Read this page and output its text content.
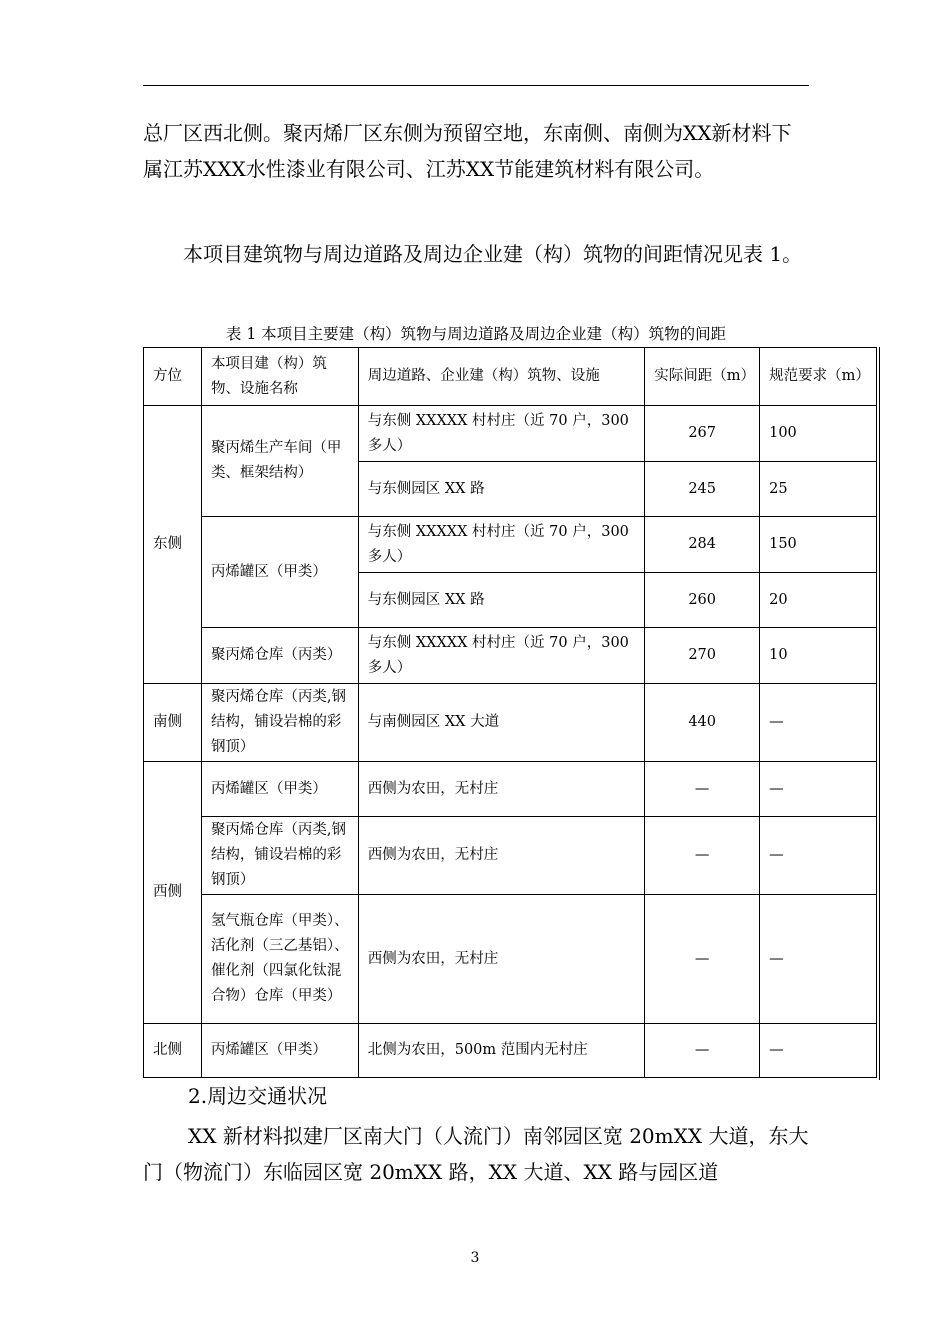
总厂区西北侧。聚丙烯厂区东侧为预留空地，东南侧、南侧为XX新材料下属江苏XXX水性漆业有限公司、江苏XX节能建筑材料有限公司。

本项目建筑物与周边道路及周边企业建（构）筑物的间距情况见表 1。

表 1 本项目主要建（构）筑物与周边道路及周边企业建（构）筑物的间距
方位	本项目建（构）筑物、设施名称	周边道路、企业建（构）筑物、设施	实际间距（m）	规范要求（m）
东侧	聚丙烯生产车间（甲类、框架结构）	与东侧 XXXXX 村村庄（近 70 户，300 多人）	267	100
		与东侧园区 XX 路	245	25
	丙烯罐区（甲类）	与东侧 XXXXX 村村庄（近 70 户，300 多人）	284	150
		与东侧园区 XX 路	260	20
	聚丙烯仓库（丙类）	与东侧 XXXXX 村村庄（近 70 户，300 多人）	270	10
南侧	聚丙烯仓库（丙类,钢结构，铺设岩棉的彩钢顶）	与南侧园区 XX 大道	440	—
西侧	丙烯罐区（甲类）	西侧为农田，无村庄	—	—
	聚丙烯仓库（丙类,钢结构，铺设岩棉的彩钢顶）	西侧为农田，无村庄	—	—
	氢气瓶仓库（甲类）、活化剂（三乙基铝）、催化剂（四氯化钛混合物）仓库（甲类）	西侧为农田，无村庄	—	—
北侧	丙烯罐区（甲类）	北侧为农田，500m 范围内无村庄	—	—

2.周边交通状况

XX 新材料拟建厂区南大门（人流门）南邻园区宽 20mXX 大道，东大门（物流门）东临园区宽 20mXX 路，XX 大道、XX 路与园区道

3
